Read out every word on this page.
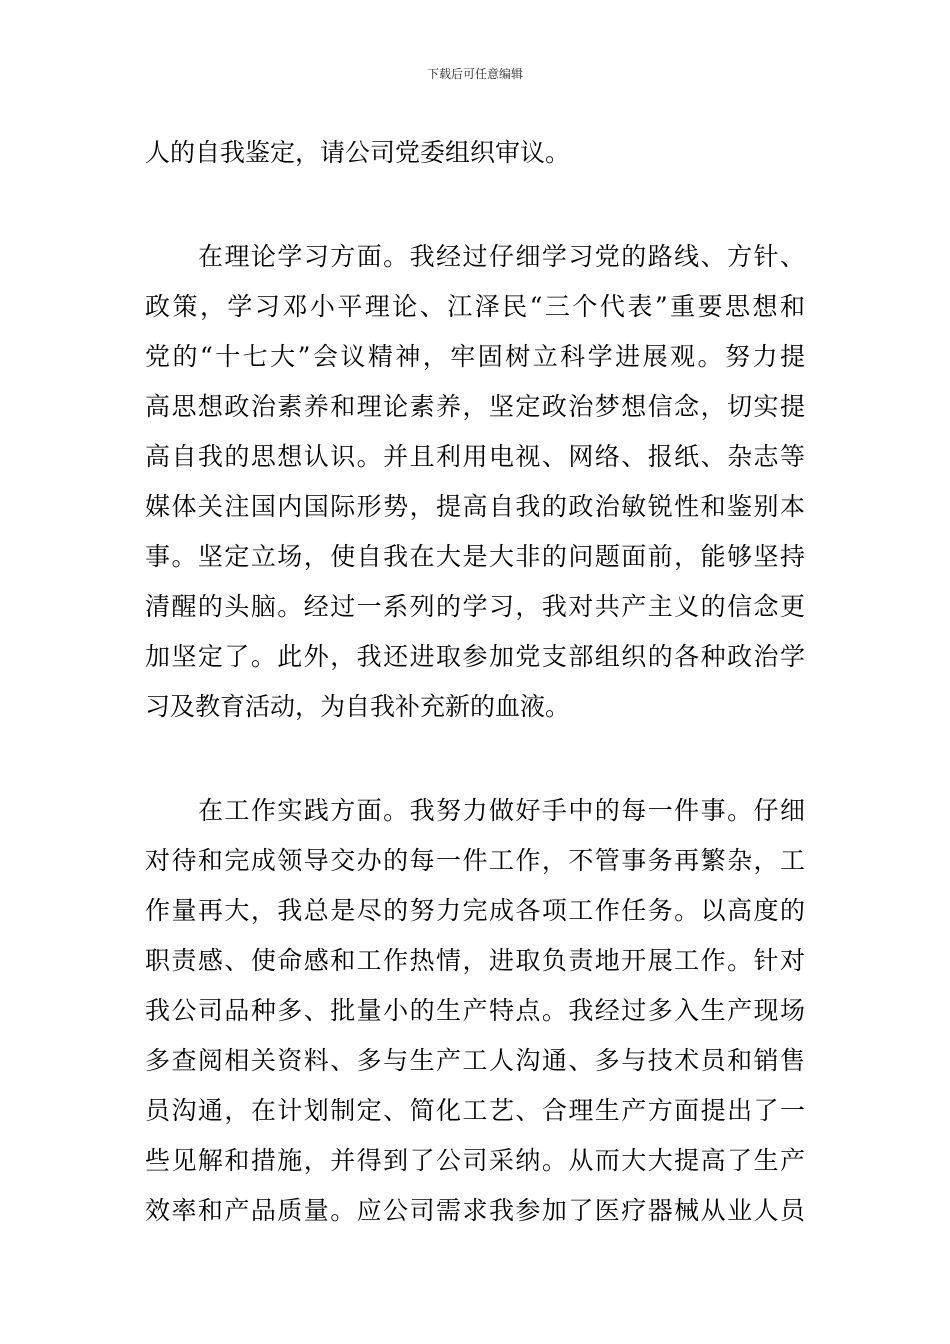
下载后可任意编辑
人的自我鉴定，请公司党委组织审议。
在理论学习方面。我经过仔细学习党的路线、方针、
政策，学习邓小平理论、江泽民“三个代表”重要思想和
党的“十七大”会议精神，牢固树立科学进展观。努力提
高思想政治素养和理论素养，坚定政治梦想信念，切实提
高自我的思想认识。并且利用电视、网络、报纸、杂志等
媒体关注国内国际形势，提高自我的政治敏锐性和鉴别本
事。坚定立场，使自我在大是大非的问题面前，能够坚持
清醒的头脑。经过一系列的学习，我对共产主义的信念更
加坚定了。此外，我还进取参加党支部组织的各种政治学
习及教育活动，为自我补充新的血液。
在工作实践方面。我努力做好手中的每一件事。仔细
对待和完成领导交办的每一件工作，不管事务再繁杂，工
作量再大，我总是尽的努力完成各项工作任务。以高度的
职责感、使命感和工作热情，进取负责地开展工作。针对
我公司品种多、批量小的生产特点。我经过多入生产现场
多查阅相关资料、多与生产工人沟通、多与技术员和销售
员沟通，在计划制定、简化工艺、合理生产方面提出了一
些见解和措施，并得到了公司采纳。从而大大提高了生产
效率和产品质量。应公司需求我参加了医疗器械从业人员
